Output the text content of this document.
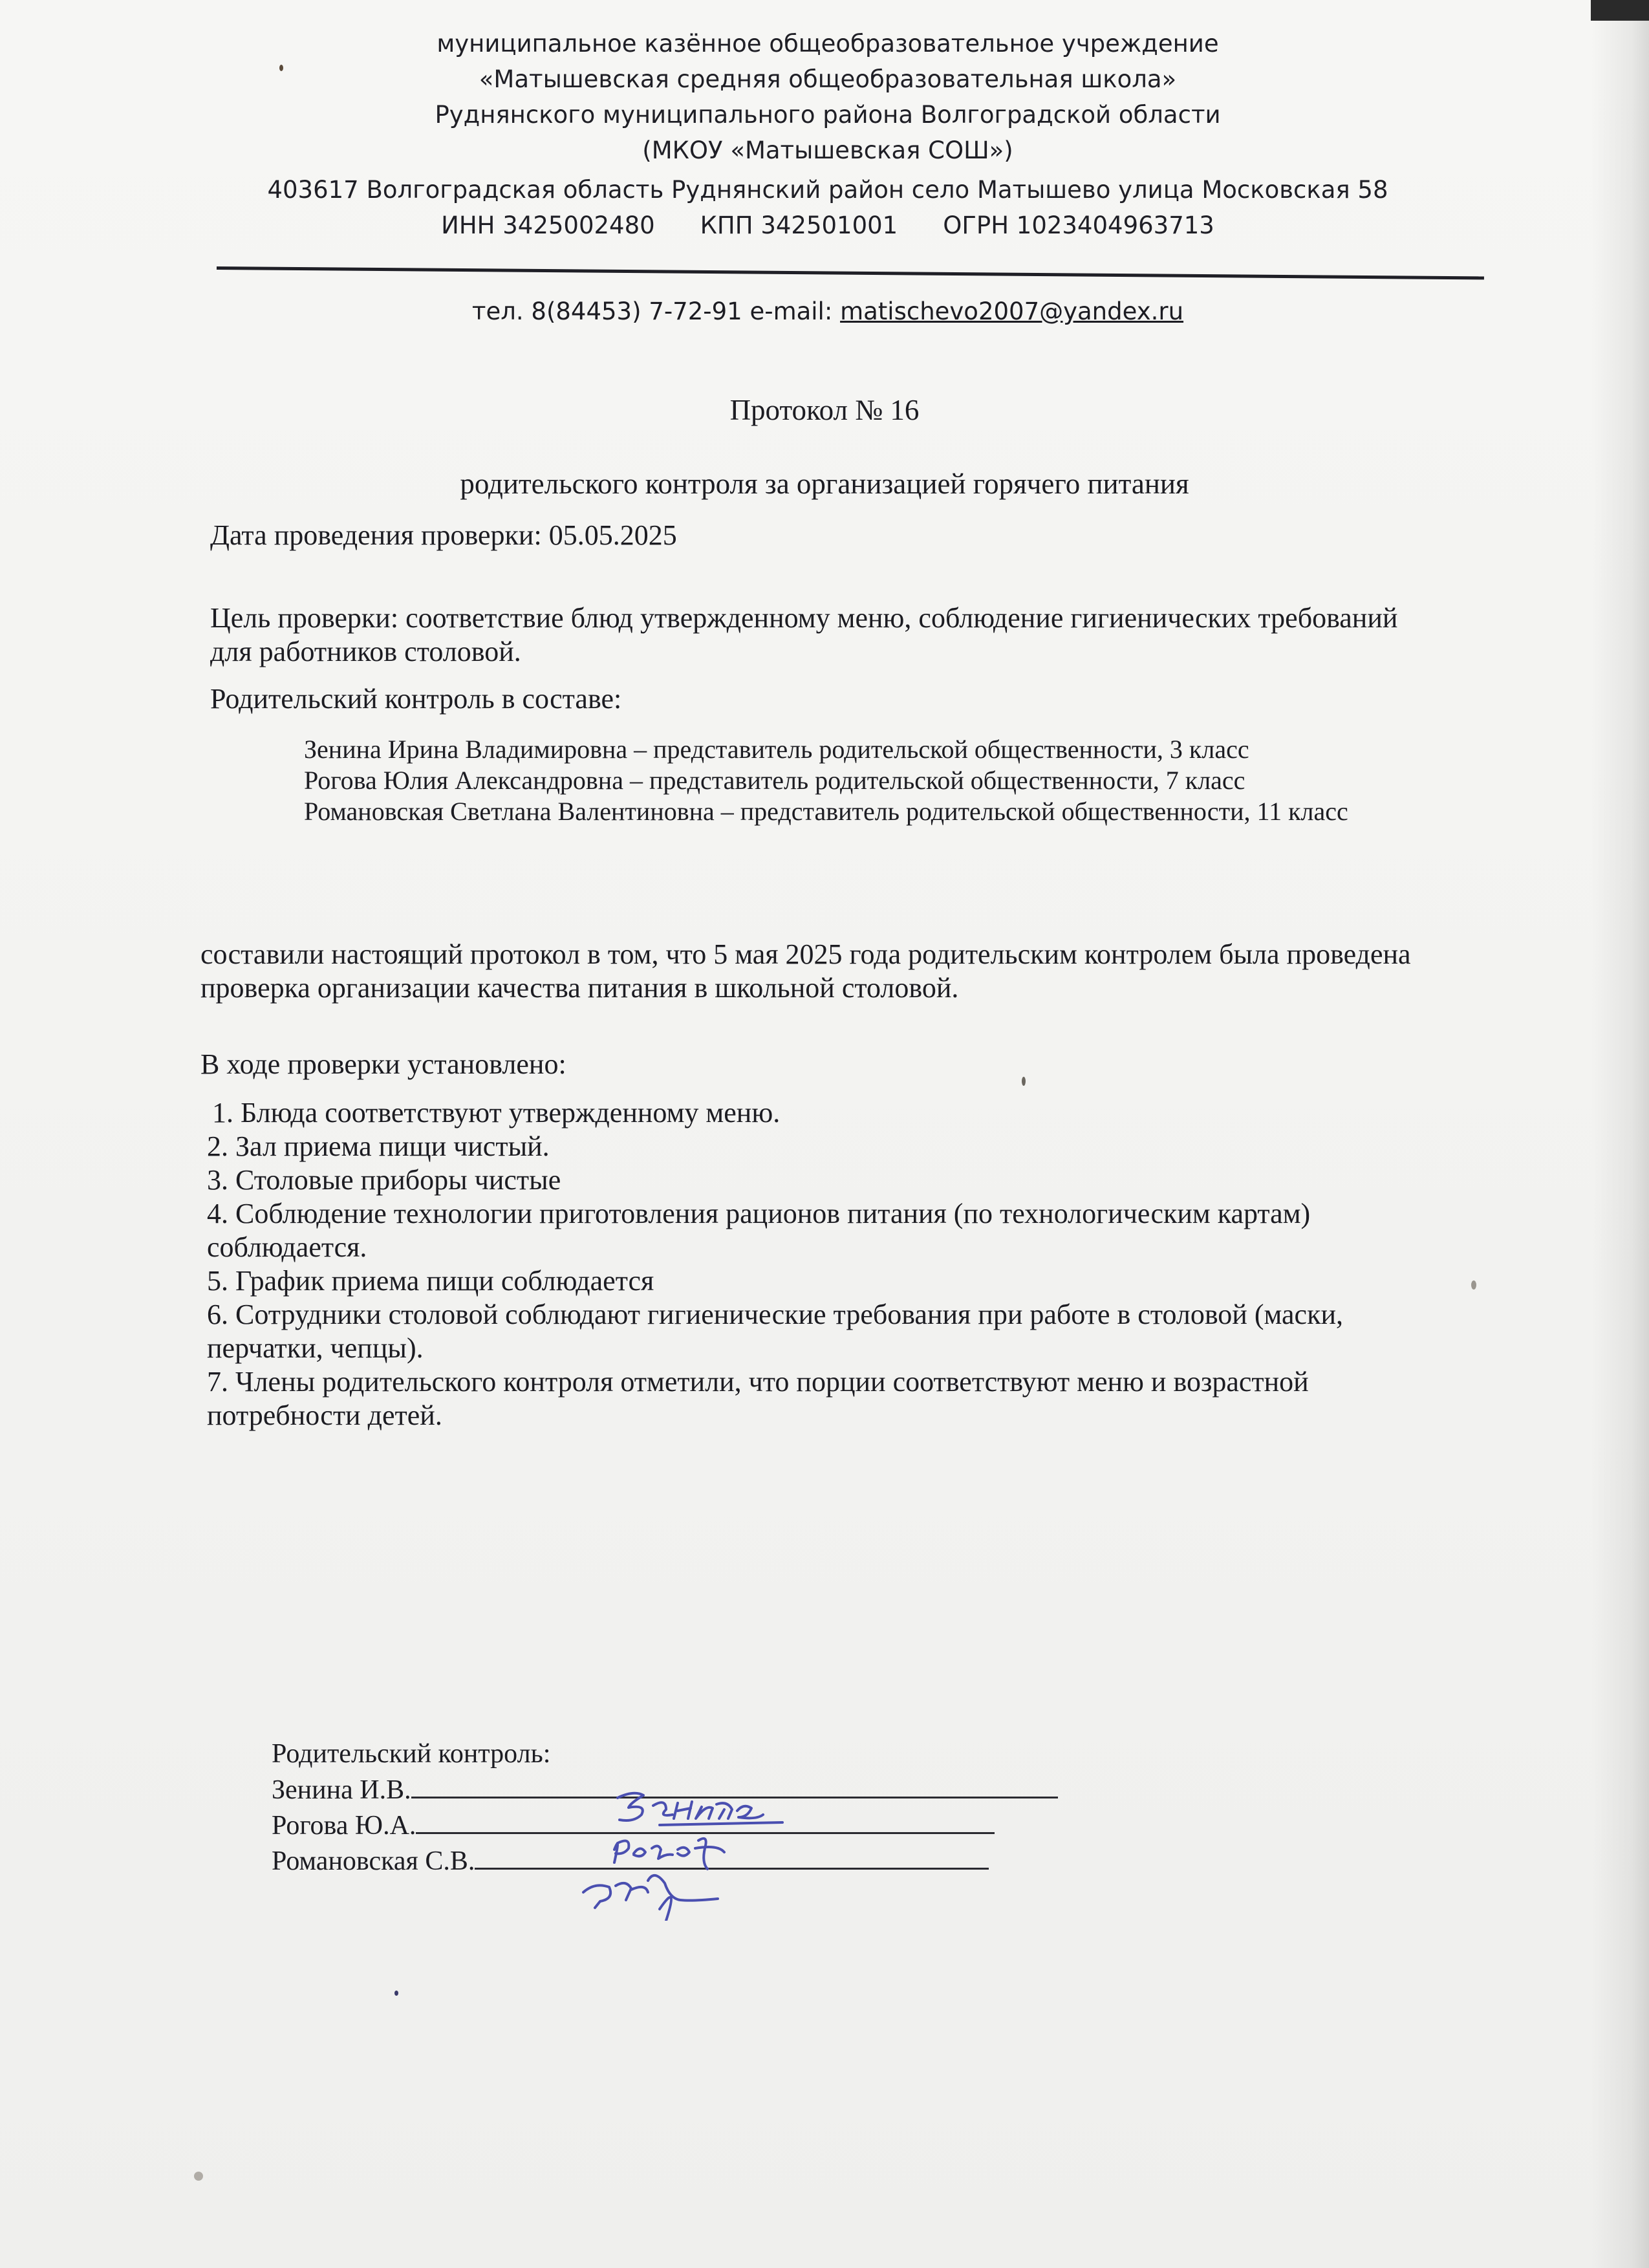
муниципальное казённое общеобразовательное учреждение
«Матышевская средняя общеобразовательная школа»
Руднянского муниципального района Волгоградской области
(МКОУ «Матышевская СОШ»)
403617 Волгоградская область Руднянский район село Матышево улица Московская 58
ИНН 3425002480 КПП 342501001 ОГРН 1023404963713
тел. 8(84453) 7-72-91 e-mail: matischevo2007@yandex.ru
Протокол № 16
родительского контроля за организацией горячего питания
Дата проведения проверки: 05.05.2025
Цель проверки: соответствие блюд утвержденному меню, соблюдение гигиенических требований для работников столовой.
Родительский контроль в составе:
Зенина Ирина Владимировна – представитель родительской общественности, 3 класс
Рогова Юлия Александровна – представитель родительской общественности, 7 класс
Романовская Светлана Валентиновна – представитель родительской общественности, 11 класс
составили настоящий протокол в том, что 5 мая 2025 года родительским контролем была проведена проверка организации качества питания в школьной столовой.
В ходе проверки установлено:
1. Блюда соответствуют утвержденному меню.
2. Зал приема пищи чистый.
3. Столовые приборы чистые
4. Соблюдение технологии приготовления рационов питания (по технологическим картам) соблюдается.
5. График приема пищи соблюдается
6. Сотрудники столовой соблюдают гигиенические требования при работе в столовой (маски, перчатки, чепцы).
7. Члены родительского контроля отметили, что порции соответствуют меню и возрастной потребности детей.
Родительский контроль:
Зенина И.В.
Рогова Ю.А.
Романовская С.В.
